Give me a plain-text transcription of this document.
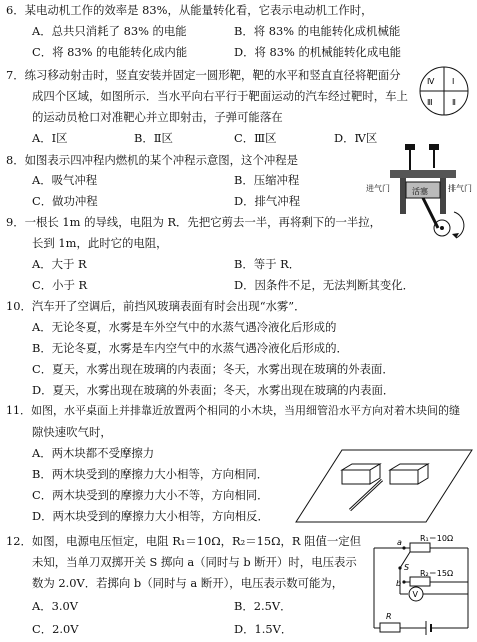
6．某电动机工作的效率是 83%，从能量转化看，它表示电动机工作时，
A．总共只消耗了 83% 的电能	B．将 83% 的电能转化成机械能
C．将 83% 的电能转化成内能	D．将 83% 的机械能转化成电能
7．练习移动射击时，竖直安装并固定一圆形靶，靶的水平和竖直直径将靶面分
成四个区域，如图所示．当水平向右平行于靶面运动的汽车经过靶时，车上
的运动员枪口对准靶心并立即射击，子弹可能落在
A．Ⅰ区	B．Ⅱ区	C．Ⅲ区	D．Ⅳ区
Ⅳ Ⅰ
Ⅲ Ⅱ
8．如图表示四冲程内燃机的某个冲程示意图，这个冲程是
A．吸气冲程	B．压缩冲程
C．做功冲程	D．排气冲程
活塞
进气门	排气门
9．一根长 1m 的导线，电阻为 R．先把它剪去一半，再将剩下的一半拉，
长到 1m，此时它的电阻，
A．大于 R	B．等于 R．
C．小于 R	D．因条件不足，无法判断其变化．
10．汽车开了空调后，前挡风玻璃表面有时会出现“水雾”．
A．无论冬夏，水雾是车外空气中的水蒸气遇冷液化后形成的
B．无论冬夏，水雾是车内空气中的水蒸气遇冷液化后形成的．
C．夏天，水雾出现在玻璃的内表面；冬天，水雾出现在玻璃的外表面．
D．夏天，水雾出现在玻璃的外表面；冬天，水雾出现在玻璃的内表面．
11．如图，水平桌面上并排靠近放置两个相同的小木块，当用细管沿水平方向对着木块间的缝
隙快速吹气时，
A．两木块都不受摩擦力
B．两木块受到的摩擦力大小相等，方向相同．
C．两木块受到的摩擦力大小不等，方向相同．
D．两木块受到的摩擦力大小相等，方向相反．
12．如图，电源电压恒定，电阻 R₁＝10Ω，R₂＝15Ω，R 阻值一定但
未知，当单刀双掷开关 S 掷向 a（同时与 b 断开）时，电压表示
数为 2.0V．若掷向 b（同时与 a 断开），电压表示数可能为，
A．3.0V	B．2.5V．
C．2.0V	D．1.5V．
a R₁＝10Ω
S
b
R₂＝15Ω
V
R
